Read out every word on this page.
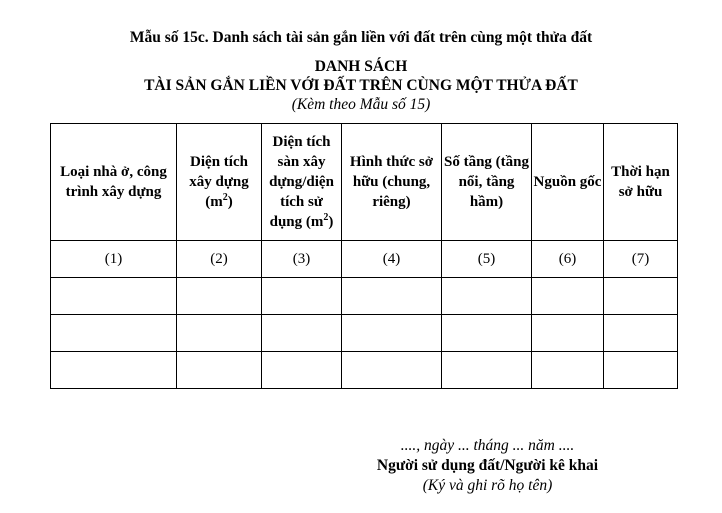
Mẫu số 15c. Danh sách tài sản gắn liền với đất trên cùng một thửa đất
DANH SÁCH
TÀI SẢN GẮN LIỀN VỚI ĐẤT TRÊN CÙNG MỘT THỬA ĐẤT
(Kèm theo Mẫu số 15)
Loại nhà ở, công trình xây dựng	Diện tích xây dựng $(m^2)$	Diện tích sàn xây dựng/diện tích sử dụng $(m^2)$	Hình thức sở hữu (chung, riêng)	Số tầng (tầng nổi, tầng hầm)	Nguồn gốc	Thời hạn sở hữu
(1)	(2)	(3)	(4)	(5)	(6)	(7)

...., ngày ... tháng ... năm ....
Người sử dụng đất/Người kê khai
(Ký và ghi rõ họ tên)
